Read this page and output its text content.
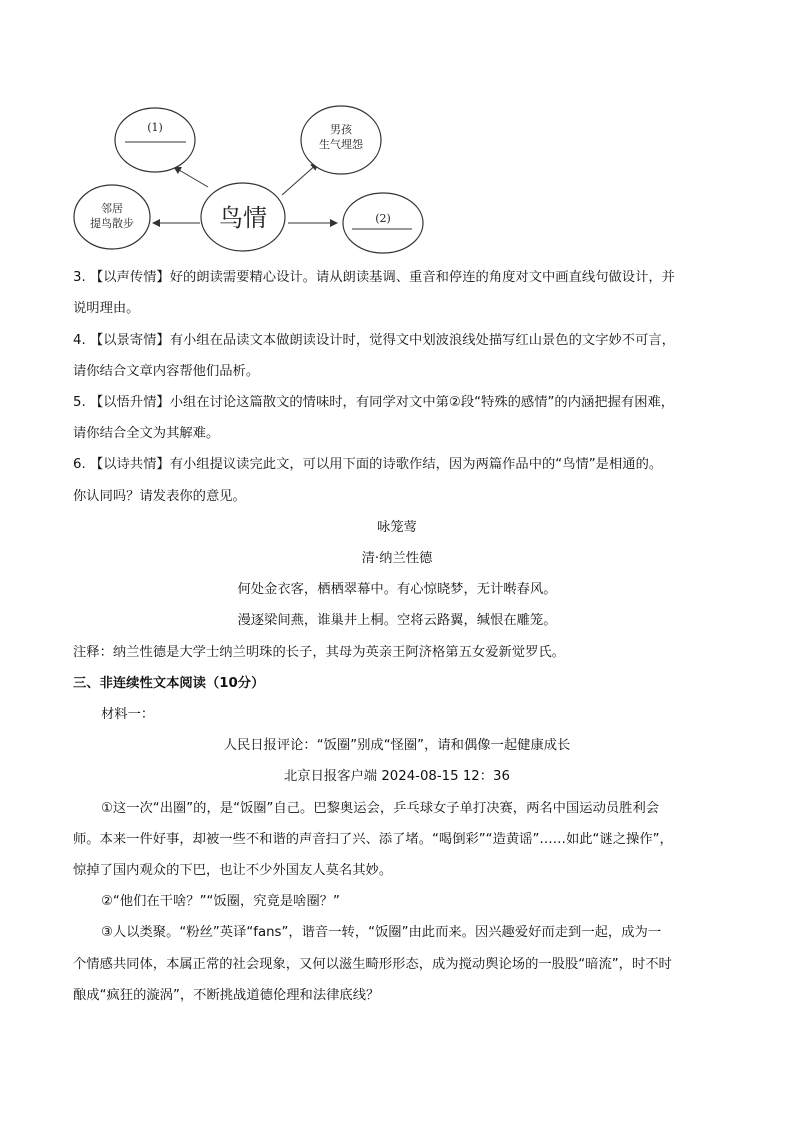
(1)	男孩
生气埋怨
鸟情
邻居
提鸟散步	(2)
3. 【以声传情】好的朗读需要精心设计。请从朗读基调、重音和停连的角度对文中画直线句做设计，并
说明理由。
4. 【以景寄情】有小组在品读文本做朗读设计时，觉得文中划波浪线处描写红山景色的文字妙不可言，
请你结合文章内容帮他们品析。
5. 【以悟升情】小组在讨论这篇散文的情味时，有同学对文中第②段“特殊的感情”的内涵把握有困难，
请你结合全文为其解难。
6. 【以诗共情】有小组提议读完此文，可以用下面的诗歌作结，因为两篇作品中的“鸟情”是相通的。
你认同吗？请发表你的意见。
咏笼莺
清·纳兰性德
何处金衣客，栖栖翠幕中。有心惊晓梦，无计啭春风。
漫逐梁间燕，谁巢井上桐。空将云路翼，缄恨在雕笼。
注释：纳兰性德是大学士纳兰明珠的长子，其母为英亲王阿济格第五女爱新觉罗氏。
三、非连续性文本阅读（10分）
材料一：
人民日报评论：“饭圈”别成“怪圈”，请和偶像一起健康成长
北京日报客户端 2024-08-15 12：36
①这一次“出圈”的，是“饭圈”自己。巴黎奥运会，乒乓球女子单打决赛，两名中国运动员胜利会
师。本来一件好事，却被一些不和谐的声音扫了兴、添了堵。“喝倒彩”“造黄谣”……如此“谜之操作”，
惊掉了国内观众的下巴，也让不少外国友人莫名其妙。
②“他们在干啥？”“饭圈，究竟是啥圈？”
③人以类聚。“粉丝”英译“fans”，谐音一转，“饭圈”由此而来。因兴趣爱好而走到一起，成为一
个情感共同体，本属正常的社会现象，又何以滋生畸形形态，成为搅动舆论场的一股股“暗流”，时不时
酿成“疯狂的漩涡”，不断挑战道德伦理和法律底线？
